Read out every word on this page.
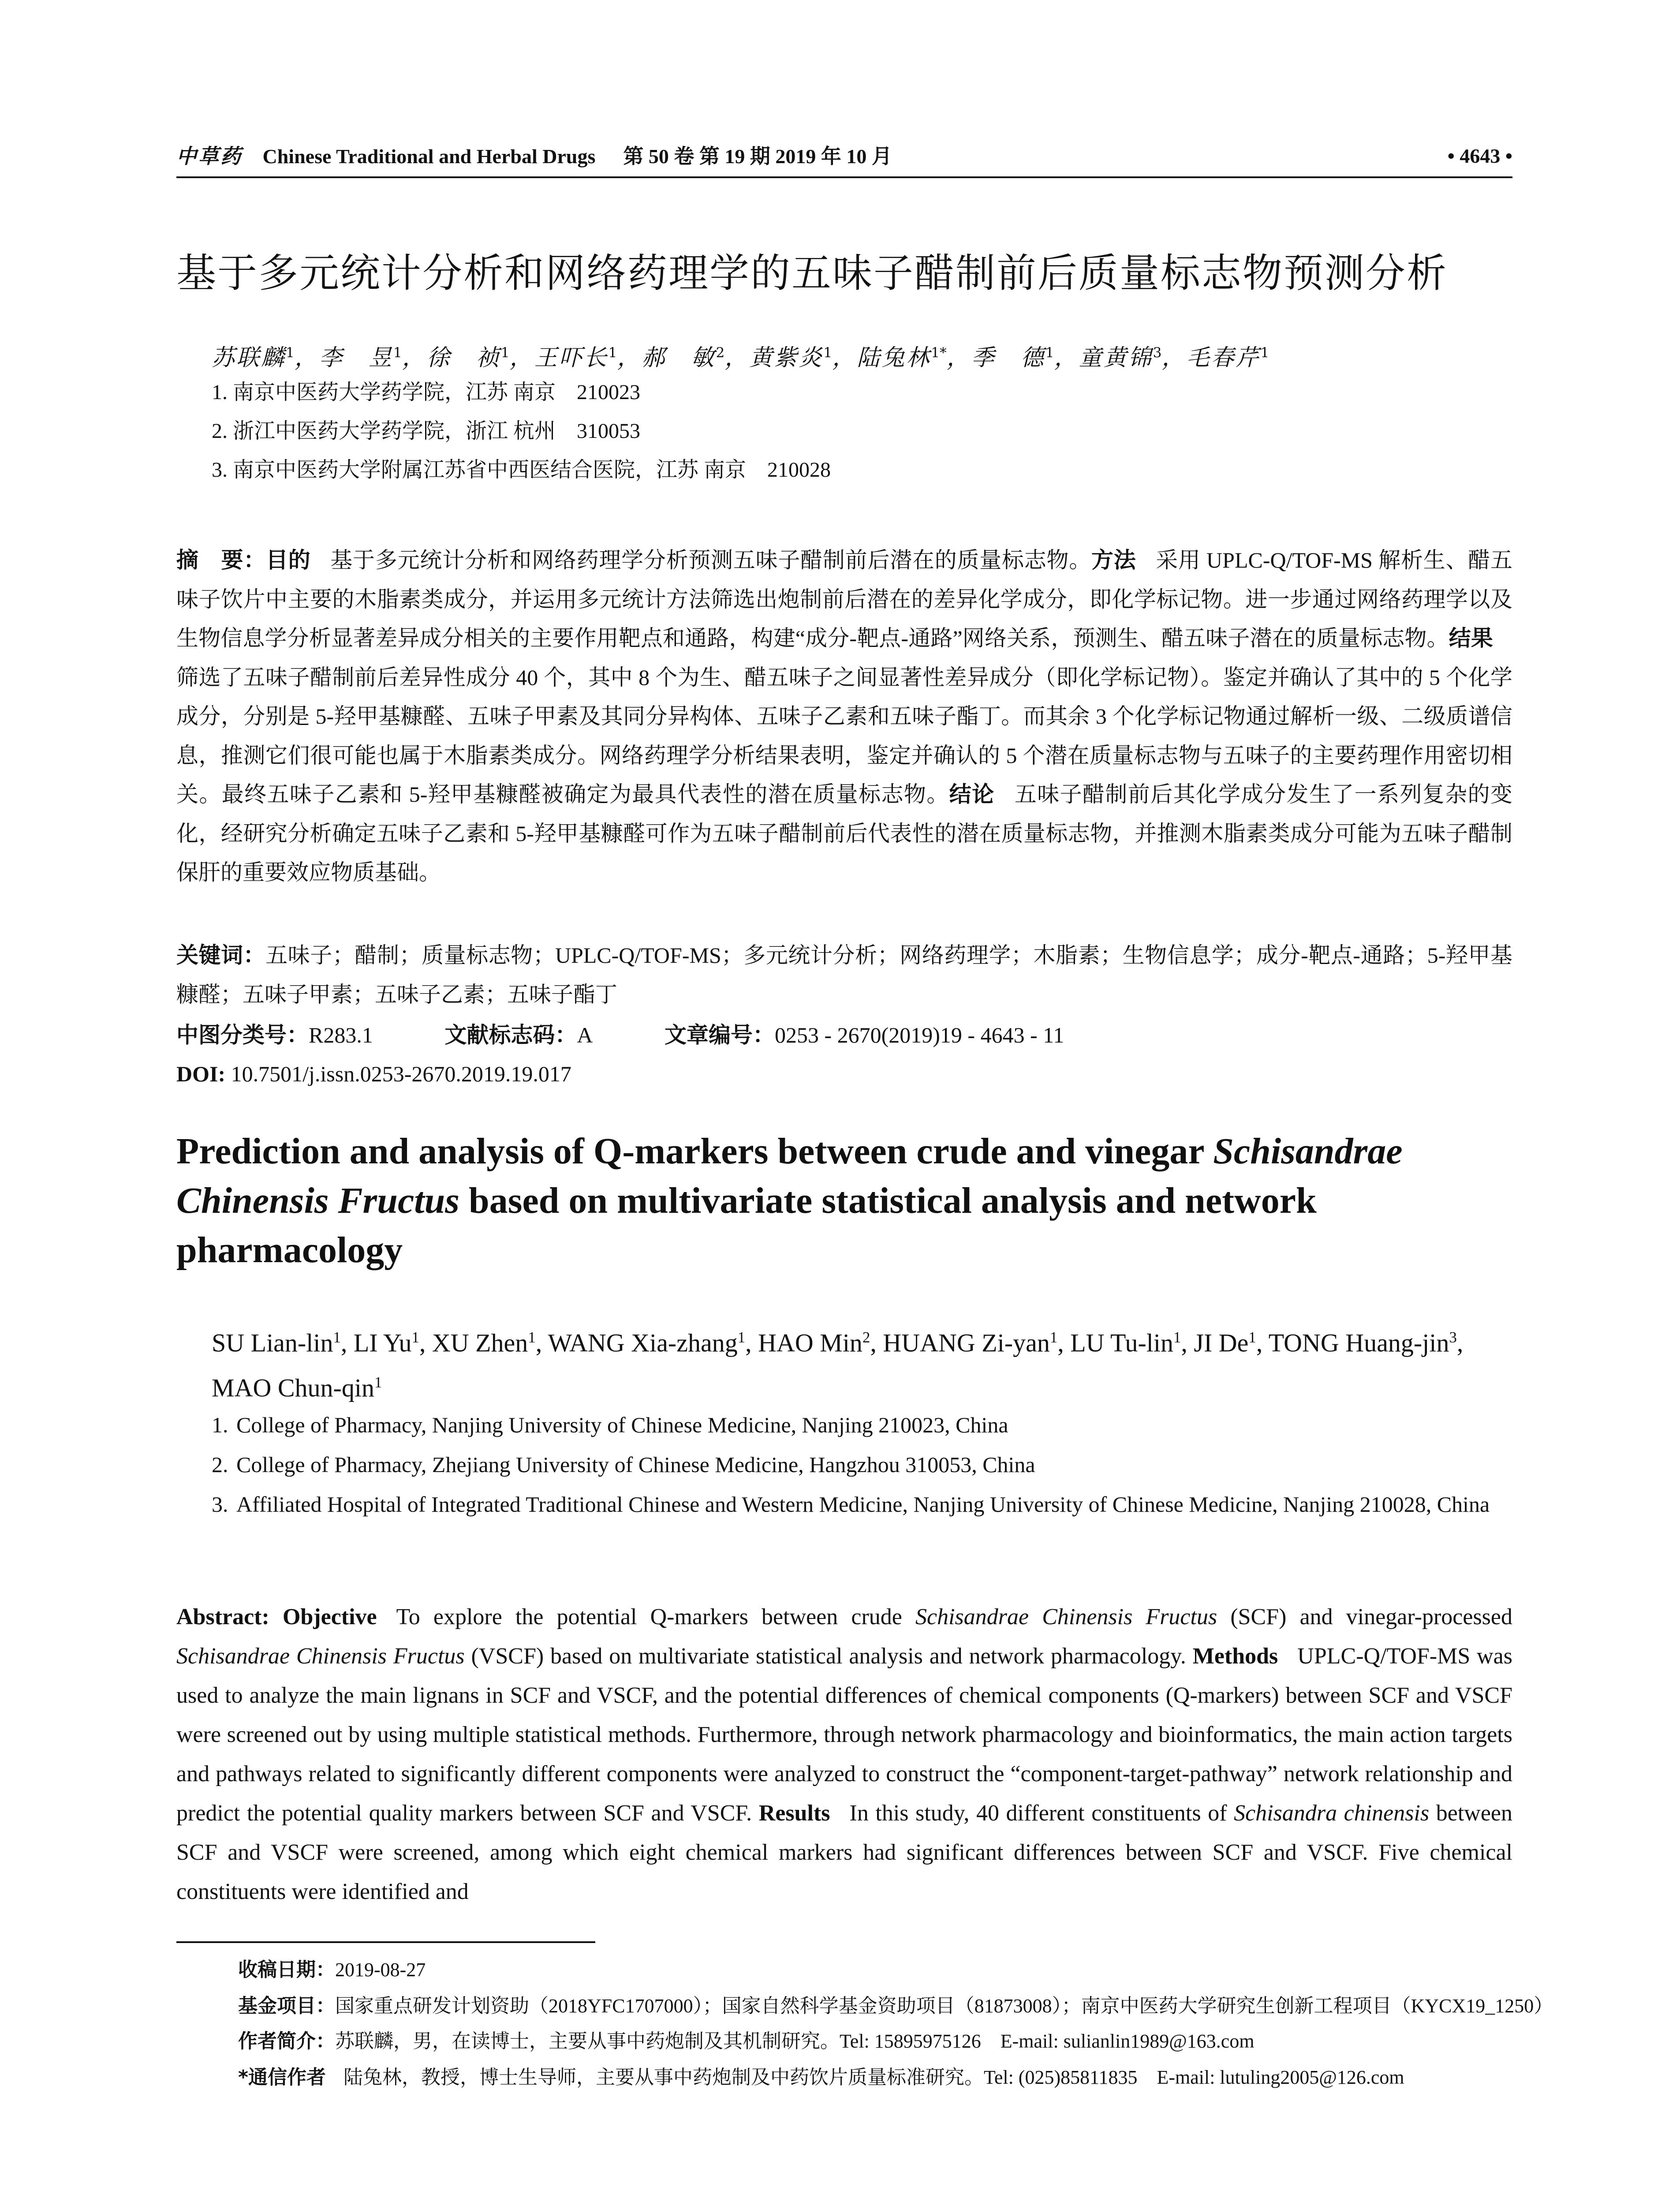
中草药 Chinese Traditional and Herbal Drugs 第 50 卷 第 19 期 2019 年 10 月	• 4643 •
基于多元统计分析和网络药理学的五味子醋制前后质量标志物预测分析
苏联麟$^1$，李　昱$^1$，徐　祯$^1$，王吓长$^1$，郝　敏$^2$，黄紫炎$^1$，陆兔林$^{1*}$，季　德$^1$，童黄锦$^3$，毛春芹$^1$
1. 南京中医药大学药学院，江苏 南京　210023
2. 浙江中医药大学药学院，浙江 杭州　310053
3. 南京中医药大学附属江苏省中西医结合医院，江苏 南京　210028
摘　要：目的 基于多元统计分析和网络药理学分析预测五味子醋制前后潜在的质量标志物。方法 采用 UPLC-Q/TOF-MS 解析生、醋五味子饮片中主要的木脂素类成分，并运用多元统计方法筛选出炮制前后潜在的差异化学成分，即化学标记物。进一步通过网络药理学以及生物信息学分析显著差异成分相关的主要作用靶点和通路，构建“成分-靶点-通路”网络关系，预测生、醋五味子潜在的质量标志物。结果筛选了五味子醋制前后差异性成分 40 个，其中 8 个为生、醋五味子之间显著性差异成分（即化学标记物）。鉴定并确认了其中的 5 个化学成分，分别是 5-羟甲基糠醛、五味子甲素及其同分异构体、五味子乙素和五味子酯丁。而其余 3 个化学标记物通过解析一级、二级质谱信息，推测它们很可能也属于木脂素类成分。网络药理学分析结果表明，鉴定并确认的 5 个潜在质量标志物与五味子的主要药理作用密切相关。最终五味子乙素和 5-羟甲基糠醛被确定为最具代表性的潜在质量标志物。结论 五味子醋制前后其化学成分发生了一系列复杂的变化，经研究分析确定五味子乙素和 5-羟甲基糠醛可作为五味子醋制前后代表性的潜在质量标志物，并推测木脂素类成分可能为五味子醋制保肝的重要效应物质基础。
关键词：五味子；醋制；质量标志物；UPLC-Q/TOF-MS；多元统计分析；网络药理学；木脂素；生物信息学；成分-靶点-通路；5-羟甲基糠醛；五味子甲素；五味子乙素；五味子酯丁
中图分类号：R283.1	文献标志码：A	文章编号：0253 - 2670(2019)19 - 4643 - 11
DOI: 10.7501/j.issn.0253-2670.2019.19.017
Prediction and analysis of Q-markers between crude and vinegar Schisandrae Chinensis Fructus based on multivariate statistical analysis and network pharmacology
SU Lian-lin$^1$, LI Yu$^1$, XU Zhen$^1$, WANG Xia-zhang$^1$, HAO Min$^2$, HUANG Zi-yan$^1$, LU Tu-lin$^1$, JI De$^1$, TONG Huang-jin$^3$, MAO Chun-qin$^1$
1. College of Pharmacy, Nanjing University of Chinese Medicine, Nanjing 210023, China
2. College of Pharmacy, Zhejiang University of Chinese Medicine, Hangzhou 310053, China
3. Affiliated Hospital of Integrated Traditional Chinese and Western Medicine, Nanjing University of Chinese Medicine, Nanjing 210028, China
Abstract: Objective To explore the potential Q-markers between crude Schisandrae Chinensis Fructus (SCF) and vinegar-processed Schisandrae Chinensis Fructus (VSCF) based on multivariate statistical analysis and network pharmacology. Methods UPLC-Q/TOF-MS was used to analyze the main lignans in SCF and VSCF, and the potential differences of chemical components (Q-markers) between SCF and VSCF were screened out by using multiple statistical methods. Furthermore, through network pharmacology and bioinformatics, the main action targets and pathways related to significantly different components were analyzed to construct the “component-target-pathway” network relationship and predict the potential quality markers between SCF and VSCF. Results In this study, 40 different constituents of Schisandra chinensis between SCF and VSCF were screened, among which eight chemical markers had significant differences between SCF and VSCF. Five chemical constituents were identified and
收稿日期：2019-08-27
基金项目：国家重点研发计划资助（2018YFC1707000）；国家自然科学基金资助项目（81873008）；南京中医药大学研究生创新工程项目（KYCX19_1250）
作者简介：苏联麟，男，在读博士，主要从事中药炮制及其机制研究。Tel: 15895975126　E-mail: sulianlin1989@163.com
*通信作者 陆兔林，教授，博士生导师，主要从事中药炮制及中药饮片质量标准研究。Tel: (025)85811835　E-mail: lutuling2005@126.com
